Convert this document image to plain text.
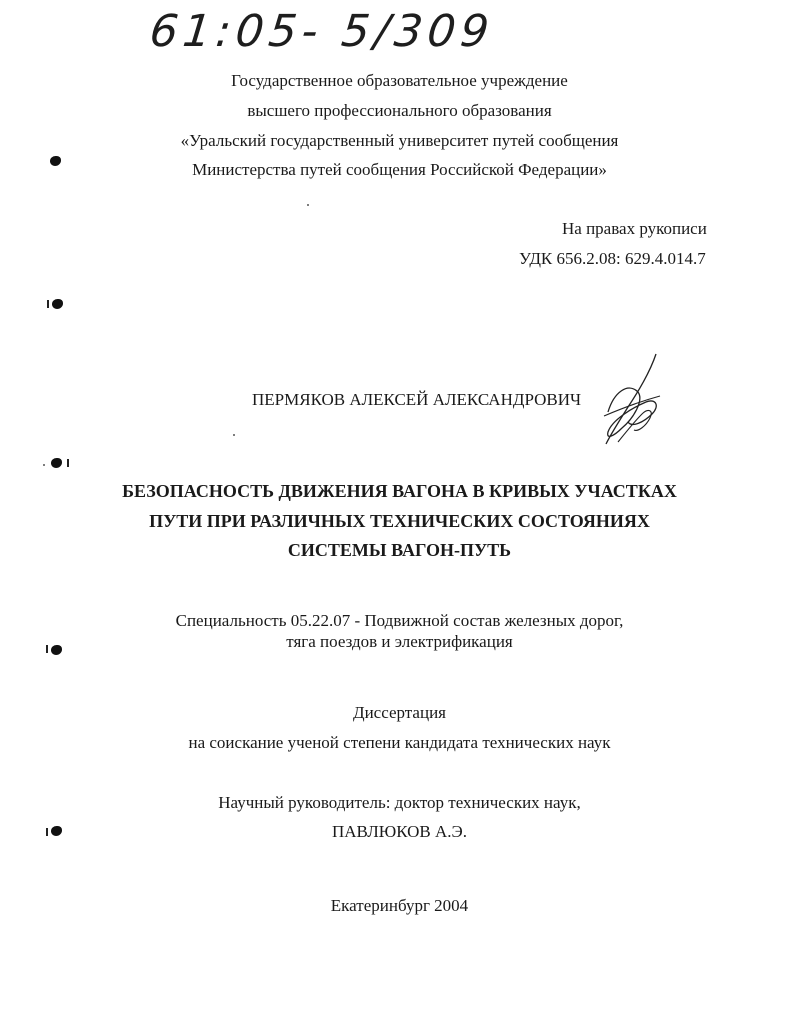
61:05- 5/309
Государственное образовательное учреждение
высшего профессионального образования
«Уральский государственный университет путей сообщения
Министерства путей сообщения Российской Федерации»
На правах рукописи
УДК 656.2.08: 629.4.014.7
ПЕРМЯКОВ АЛЕКСЕЙ АЛЕКСАНДРОВИЧ
БЕЗОПАСНОСТЬ ДВИЖЕНИЯ ВАГОНА В КРИВЫХ УЧАСТКАХ
ПУТИ ПРИ РАЗЛИЧНЫХ ТЕХНИЧЕСКИХ СОСТОЯНИЯХ
СИСТЕМЫ ВАГОН-ПУТЬ
Специальность 05.22.07 - Подвижной состав железных дорог,
тяга поездов и электрификация
Диссертация
на соискание ученой степени кандидата технических наук
Научный руководитель: доктор технических наук,
ПАВЛЮКОВ А.Э.
Екатеринбург 2004
